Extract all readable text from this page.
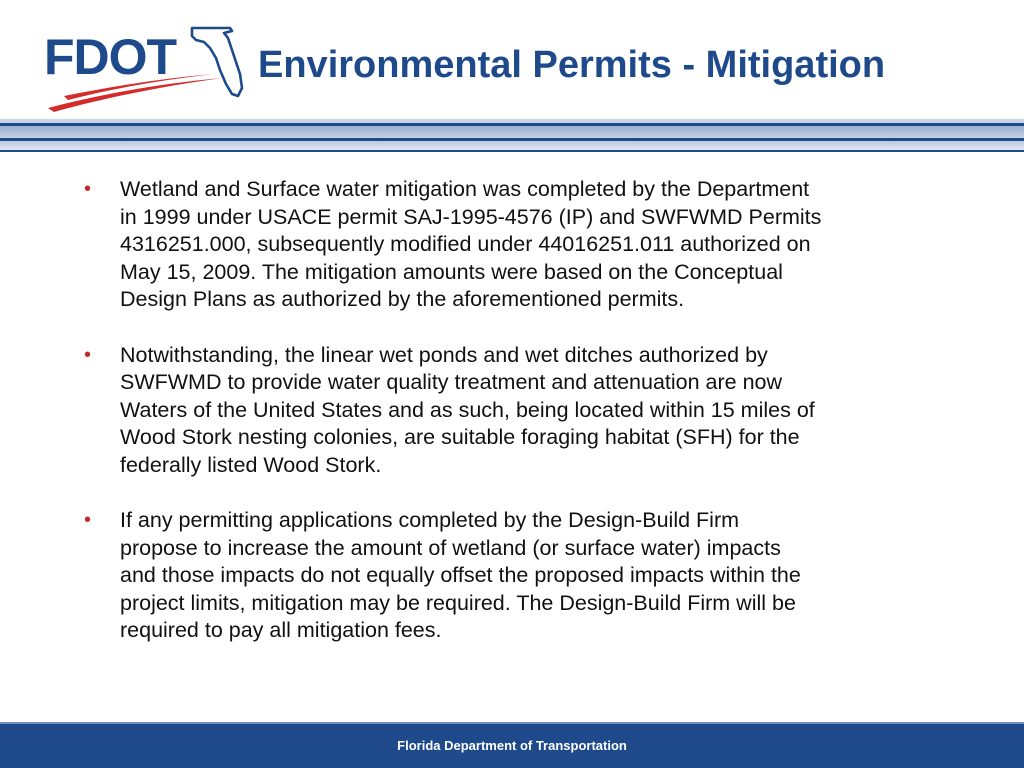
FDOT Environmental Permits - Mitigation
• Wetland and Surface water mitigation was completed by the Department
in 1999 under USACE permit SAJ-1995-4576 (IP) and SWFWMD Permits
4316251.000, subsequently modified under 44016251.011 authorized on
May 15, 2009. The mitigation amounts were based on the Conceptual
Design Plans as authorized by the aforementioned permits.
• Notwithstanding, the linear wet ponds and wet ditches authorized by
SWFWMD to provide water quality treatment and attenuation are now
Waters of the United States and as such, being located within 15 miles of
Wood Stork nesting colonies, are suitable foraging habitat (SFH) for the
federally listed Wood Stork.
• If any permitting applications completed by the Design-Build Firm
propose to increase the amount of wetland (or surface water) impacts
and those impacts do not equally offset the proposed impacts within the
project limits, mitigation may be required. The Design-Build Firm will be
required to pay all mitigation fees.
Florida Department of Transportation
